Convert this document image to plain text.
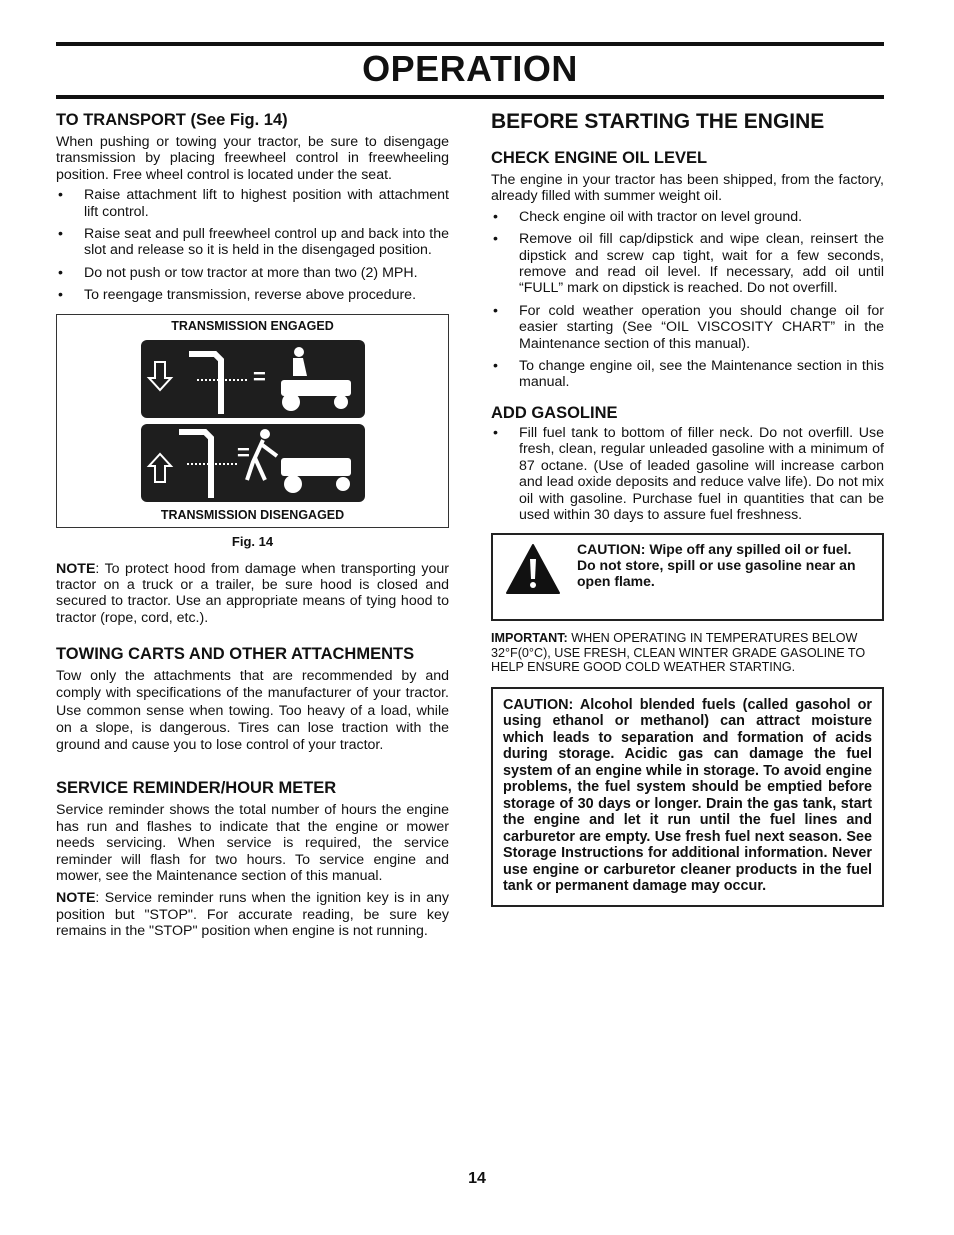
OPERATION
TO TRANSPORT (See Fig. 14)

When pushing or towing your tractor, be sure to disengage transmission by placing freewheel control in freewheeling position. Free wheel control is located under the seat.

• Raise attachment lift to highest position with attachment lift control.
• Raise seat and pull freewheel control up and back into the slot and release so it is held in the disengaged position.
• Do not push or tow tractor at more than two (2) MPH.
• To reengage transmission, reverse above procedure.
TRANSMISSION ENGAGED
=
=
TRANSMISSION DISENGAGED
Fig. 14

NOTE: To protect hood from damage when transporting your tractor on a truck or a trailer, be sure hood is closed and secured to tractor. Use an appropriate means of tying hood to tractor (rope, cord, etc.).

TOWING CARTS AND OTHER ATTACHMENTS

Tow only the attachments that are recommended by and comply with specifications of the manufacturer of your tractor. Use common sense when towing. Too heavy of a load, while on a slope, is dangerous. Tires can lose traction with the ground and cause you to lose control of your tractor.

SERVICE REMINDER/HOUR METER

Service reminder shows the total number of hours the engine has run and flashes to indicate that the engine or mower needs servicing. When service is required, the service reminder will flash for two hours. To service engine and mower, see the Maintenance section of this manual.

NOTE: Service reminder runs when the ignition key is in any position but "STOP". For accurate reading, be sure key remains in the "STOP" position when engine is not running.

BEFORE STARTING THE ENGINE
CHECK ENGINE OIL LEVEL

The engine in your tractor has been shipped, from the factory, already filled with summer weight oil.

• Check engine oil with tractor on level ground.
• Remove oil fill cap/dipstick and wipe clean, reinsert the dipstick and screw cap tight, wait for a few seconds, remove and read oil level. If necessary, add oil until “FULL” mark on dipstick is reached. Do not overfill.
• For cold weather operation you should change oil for easier starting (See “OIL VISCOSITY CHART” in the Maintenance section of this manual).
• To change engine oil, see the Maintenance section in this manual.
ADD GASOLINE
• Fill fuel tank to bottom of filler neck. Do not overfill. Use fresh, clean, regular unleaded gasoline with a minimum of 87 octane. (Use of leaded gasoline will increase carbon and lead oxide deposits and reduce valve life). Do not mix oil with gasoline. Purchase fuel in quantities that can be used within 30 days to assure fuel freshness.
CAUTION: Wipe off any spilled oil or fuel. Do not store, spill or use gasoline near an open flame.
IMPORTANT: WHEN OPERATING IN TEMPERATURES BELOW 32°F(0°C), USE FRESH, CLEAN WINTER GRADE GASOLINE TO HELP ENSURE GOOD COLD WEATHER STARTING.

CAUTION: Alcohol blended fuels (called gasohol or using ethanol or methanol) can attract moisture which leads to separation and formation of acids during storage. Acidic gas can damage the fuel system of an engine while in storage. To avoid engine problems, the fuel system should be emptied before storage of 30 days or longer. Drain the gas tank, start the engine and let it run until the fuel lines and carburetor are empty. Use fresh fuel next season. See Storage Instructions for additional information. Never use engine or carburetor cleaner products in the fuel tank or permanent damage may occur.

14
